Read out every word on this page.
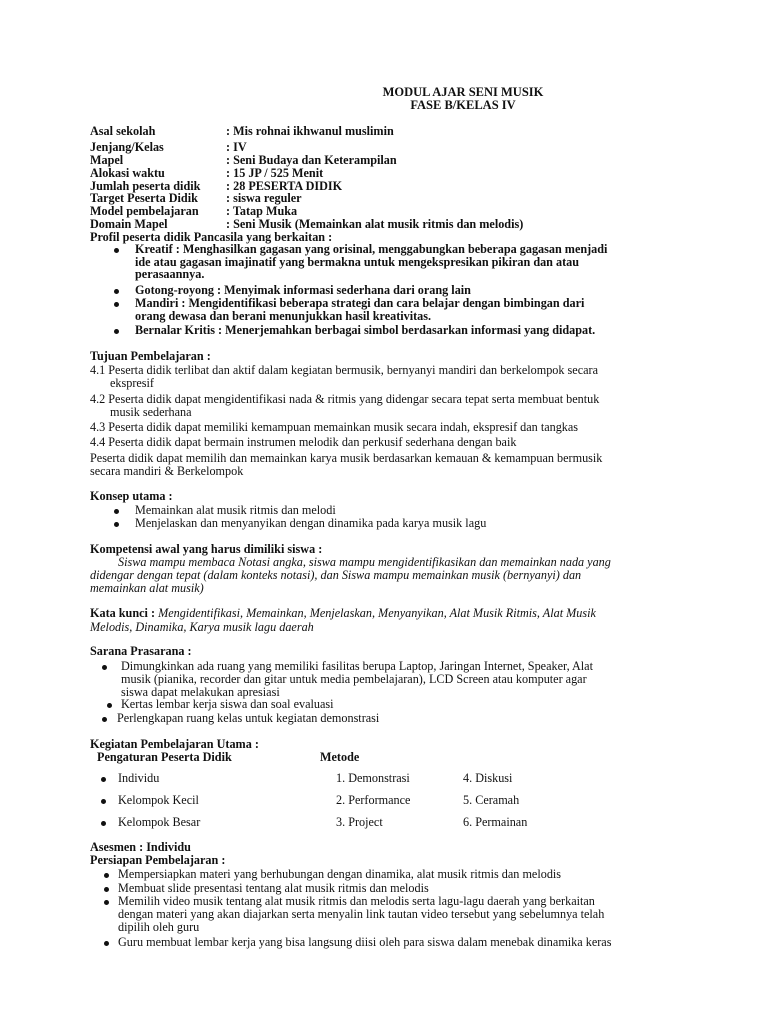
MODUL AJAR SENI MUSIK
FASE B/KELAS IV
Asal sekolah	: Mis rohnai ikhwanul muslimin
Jenjang/Kelas	: IV
Mapel	: Seni Budaya dan Keterampilan
Alokasi waktu	: 15 JP / 525 Menit
Jumlah peserta didik : 28 PESERTA DIDIK
Target Peserta Didik : siswa reguler
Model pembelajaran : Tatap Muka
Domain Mapel	: Seni Musik (Memainkan alat musik ritmis dan melodis)
Profil peserta didik Pancasila yang berkaitan :
Kreatif : Menghasilkan gagasan yang orisinal, menggabungkan beberapa gagasan menjadi
ide atau gagasan imajinatif yang bermakna untuk mengekspresikan pikiran dan atau
perasaannya.
Gotong-royong : Menyimak informasi sederhana dari orang lain
Mandiri : Mengidentifikasi beberapa strategi dan cara belajar dengan bimbingan dari
orang dewasa dan berani menunjukkan hasil kreativitas.
Bernalar Kritis : Menerjemahkan berbagai simbol berdasarkan informasi yang didapat.
Tujuan Pembelajaran :
4.1 Peserta didik terlibat dan aktif dalam kegiatan bermusik, bernyanyi mandiri dan berkelompok secara
ekspresif
4.2 Peserta didik dapat mengidentifikasi nada & ritmis yang didengar secara tepat serta membuat bentuk
musik sederhana
4.3 Peserta didik dapat memiliki kemampuan memainkan musik secara indah, ekspresif dan tangkas
4.4 Peserta didik dapat bermain instrumen melodik dan perkusif sederhana dengan baik
Peserta didik dapat memilih dan memainkan karya musik berdasarkan kemauan & kemampuan bermusik
secara mandiri & Berkelompok
Konsep utama :
Memainkan alat musik ritmis dan melodi
Menjelaskan dan menyanyikan dengan dinamika pada karya musik lagu
Kompetensi awal yang harus dimiliki siswa :
Siswa mampu membaca Notasi angka, siswa mampu mengidentifikasikan dan memainkan nada yang
didengar dengan tepat (dalam konteks notasi), dan Siswa mampu memainkan musik (bernyanyi) dan
memainkan alat musik)
Kata kunci : Mengidentifikasi, Memainkan, Menjelaskan, Menyanyikan, Alat Musik Ritmis, Alat Musik
Melodis, Dinamika, Karya musik lagu daerah
Sarana Prasarana :
Dimungkinkan ada ruang yang memiliki fasilitas berupa Laptop, Jaringan Internet, Speaker, Alat
musik (pianika, recorder dan gitar untuk media pembelajaran), LCD Screen atau komputer agar
siswa dapat melakukan apresiasi
Kertas lembar kerja siswa dan soal evaluasi
Perlengkapan ruang kelas untuk kegiatan demonstrasi
Kegiatan Pembelajaran Utama :
Pengaturan Peserta Didik	Metode
Individu	1. Demonstrasi	4. Diskusi
Kelompok Kecil	2. Performance	5. Ceramah
Kelompok Besar	3. Project	6. Permainan
Asesmen : Individu
Persiapan Pembelajaran :
Mempersiapkan materi yang berhubungan dengan dinamika, alat musik ritmis dan melodis
Membuat slide presentasi tentang alat musik ritmis dan melodis
Memilih video musik tentang alat musik ritmis dan melodis serta lagu-lagu daerah yang berkaitan
dengan materi yang akan diajarkan serta menyalin link tautan video tersebut yang sebelumnya telah
dipilih oleh guru
Guru membuat lembar kerja yang bisa langsung diisi oleh para siswa dalam menebak dinamika keras
